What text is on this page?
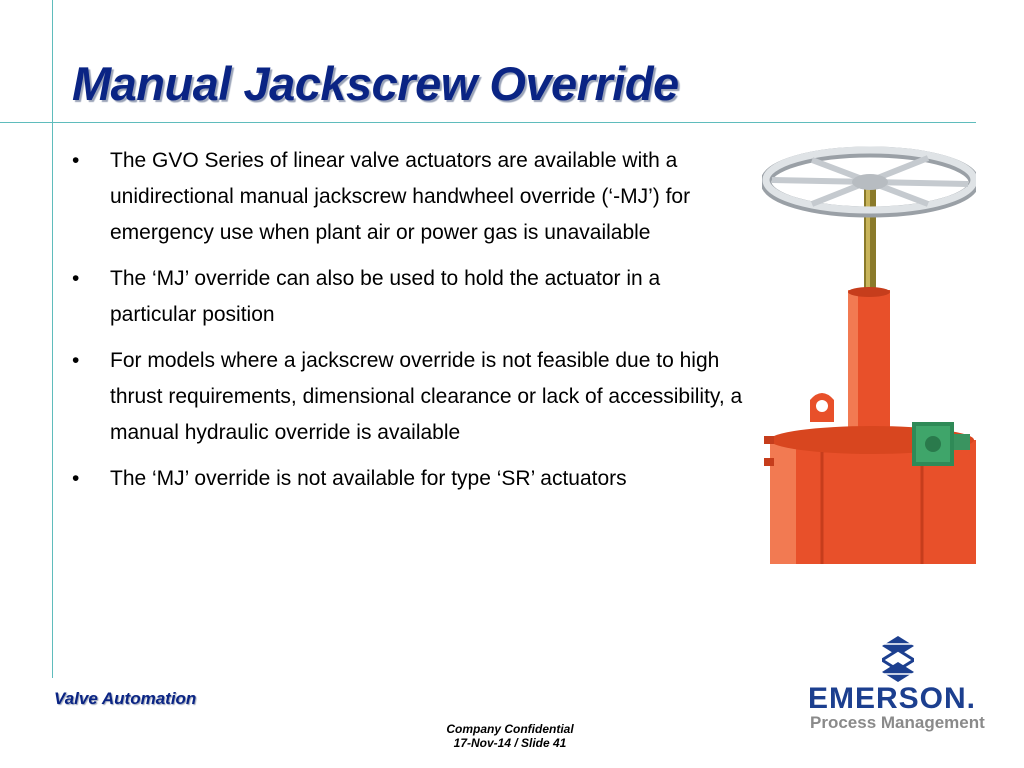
Manual Jackscrew Override
• The GVO Series of linear valve actuators are available with a unidirectional manual jackscrew handwheel override (‘-MJ’) for emergency use when plant air or power gas is unavailable
• The ‘MJ’ override can also be used to hold the actuator in a particular position
• For models where a jackscrew override is not feasible due to high thrust requirements, dimensional clearance or lack of accessibility, a manual hydraulic override is available
• The ‘MJ’ override is not available for type ‘SR’ actuators
Valve Automation
Company Confidential
17-Nov-14 / Slide 41
EMERSON.
Process Management
